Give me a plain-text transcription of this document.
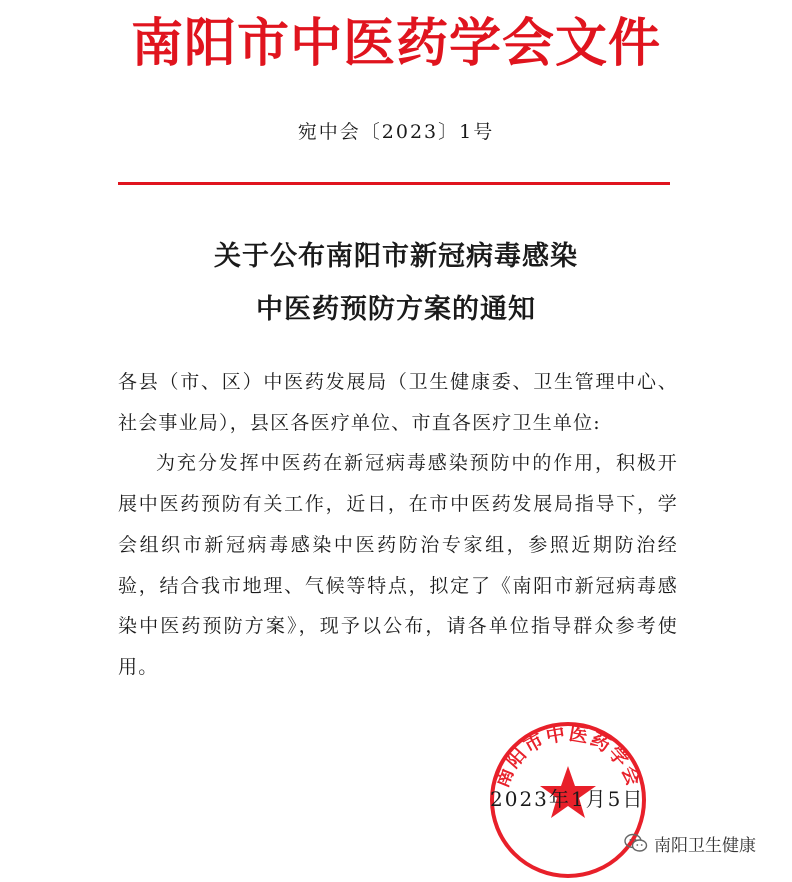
南阳市中医药学会文件
宛中会〔2023〕1号
关于公布南阳市新冠病毒感染
中医药预防方案的通知

各县（市、区）中医药发展局（卫生健康委、卫生管理中心、社会事业局），县区各医疗单位、市直各医疗卫生单位:

为充分发挥中医药在新冠病毒感染预防中的作用，积极开展中医药预防有关工作，近日，在市中医药发展局指导下，学会组织市新冠病毒感染中医药防治专家组，参照近期防治经验，结合我市地理、气候等特点，拟定了《南阳市新冠病毒感染中医药预防方案》，现予以公布，请各单位指导群众参考使用。

南阳市中医药学会
2023年1月5日
南阳卫生健康
